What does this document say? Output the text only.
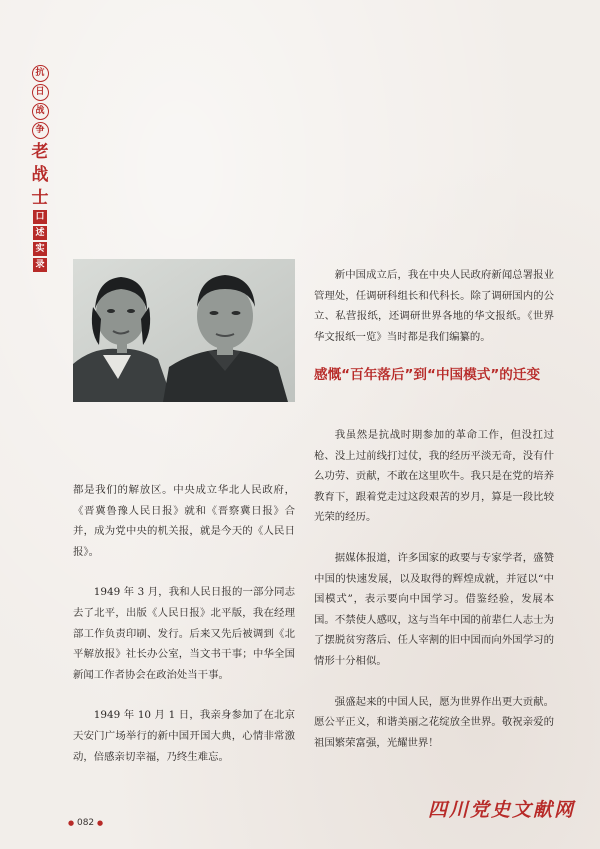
抗
日
战
争
老
战
士
口
述
实
录

新中国成立后，我在中央人民政府新闻总署报业管理处，任调研科组长和代科长。除了调研国内的公立、私营报纸，还调研世界各地的华文报纸。《世界华文报纸一览》当时都是我们编纂的。

感慨“百年落后”到“中国模式”的迁变

我虽然是抗战时期参加的革命工作，但没扛过枪、没上过前线打过仗，我的经历平淡无奇，没有什么功劳、贡献，不敢在这里吹牛。我只是在党的培养教育下，跟着党走过这段艰苦的岁月，算是一段比较光荣的经历。

据媒体报道，许多国家的政要与专家学者，盛赞中国的快速发展，以及取得的辉煌成就，并冠以“中国模式”，表示要向中国学习。借鉴经验，发展本国。不禁使人感叹，这与当年中国的前辈仁人志士为了摆脱贫穷落后、任人宰割的旧中国而向外国学习的情形十分相似。

强盛起来的中国人民，愿为世界作出更大贡献。愿公平正义，和谐美丽之花绽放全世界。敬祝亲爱的祖国繁荣富强，光耀世界！

都是我们的解放区。中央成立华北人民政府，《晋冀鲁豫人民日报》就和《晋察冀日报》合并，成为党中央的机关报，就是今天的《人民日报》。

1949 年 3 月，我和人民日报的一部分同志去了北平，出版《人民日报》北平版，我在经理部工作负责印刷、发行。后来又先后被调到《北平解放报》社长办公室，当文书干事；中华全国新闻工作者协会在政治处当干事。

1949 年 10 月 1 日，我亲身参加了在北京天安门广场举行的新中国开国大典，心情非常激动，倍感亲切幸福，乃终生难忘。

● 082 ●
四川党史文献网
